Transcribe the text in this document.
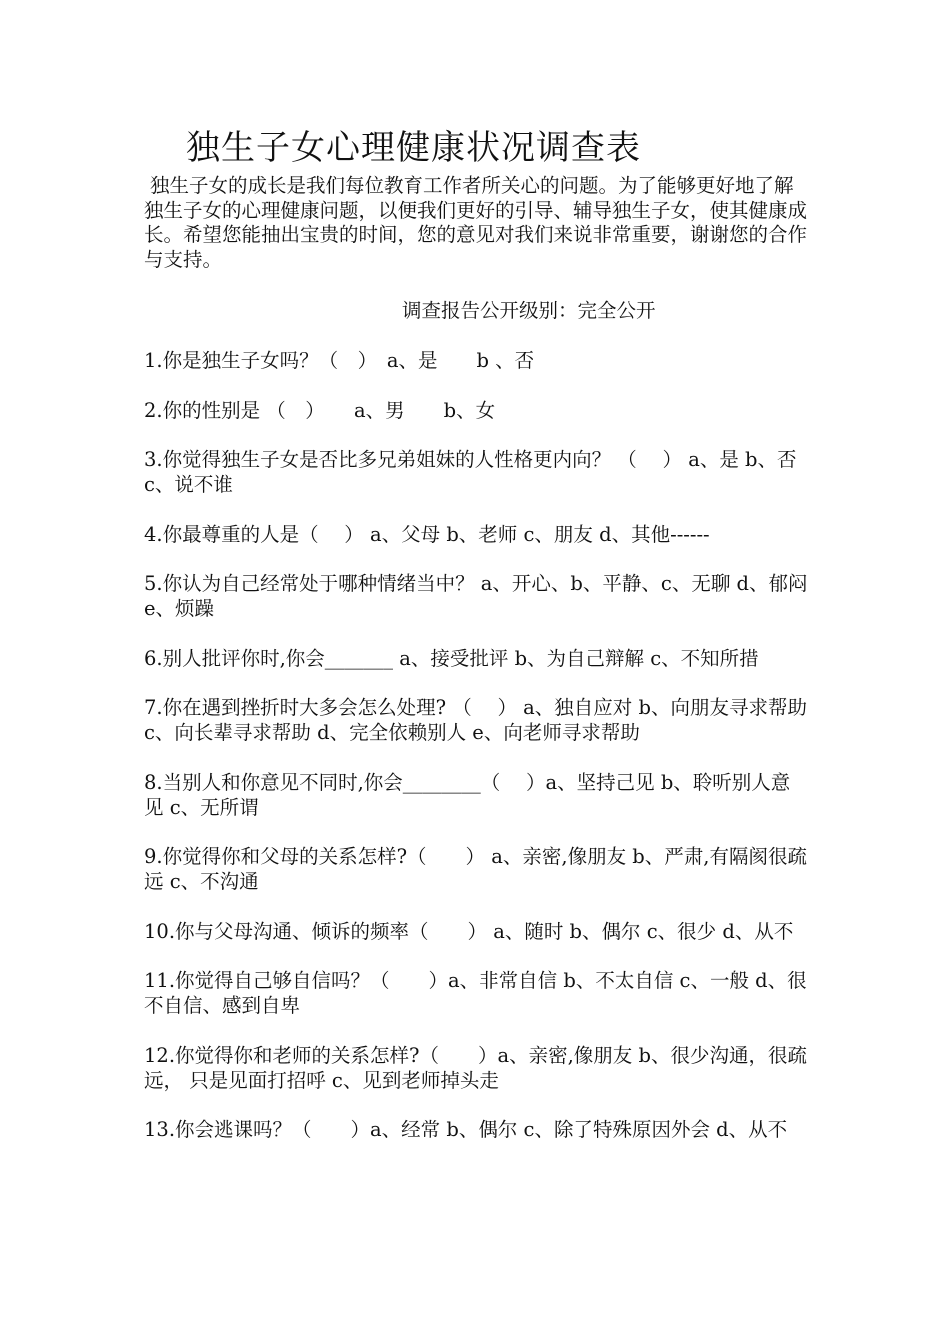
独生子女心理健康状况调查表
独生子女的成长是我们每位教育工作者所关心的问题。为了能够更好地了解独生子女的心理健康问题，以便我们更好的引导、辅导独生子女，使其健康成长。希望您能抽出宝贵的时间，您的意见对我们来说非常重要，谢谢您的合作与支持。
调查报告公开级别：完全公开
1.你是独生子女吗？（　）　a、是　　b 、否
2.你的性别是 （　）　　a、男　　b、女
3.你觉得独生子女是否比多兄弟姐妹的人性格更内向？ （　 ） a、是 b、否 c、说不谁
4.你最尊重的人是（　 ） a、父母 b、老师 c、朋友 d、其他------
5.你认为自己经常处于哪种情绪当中？ a、开心、b、平静、c、无聊 d、郁闷 e、烦躁
6.别人批评你时,你会_______ a、接受批评 b、为自己辩解 c、不知所措
7.你在遇到挫折时大多会怎么处理? （　 ） a、独自应对 b、向朋友寻求帮助 c、向长辈寻求帮助 d、完全依赖别人 e、向老师寻求帮助
8.当别人和你意见不同时,你会________（　 ）a、坚持己见 b、聆听别人意见 c、无所谓
9.你觉得你和父母的关系怎样?（　　） a、亲密,像朋友 b、严肃,有隔阂很疏远 c、不沟通
10.你与父母沟通、倾诉的频率（　　） a、随时 b、偶尔 c、很少 d、从不
11.你觉得自己够自信吗？（　　）a、非常自信 b、不太自信 c、一般 d、很不自信、感到自卑
12.你觉得你和老师的关系怎样?（　　）a、亲密,像朋友 b、很少沟通，很疏远， 只是见面打招呼 c、见到老师掉头走
13.你会逃课吗？（　　）a、经常 b、偶尔 c、除了特殊原因外会 d、从不
